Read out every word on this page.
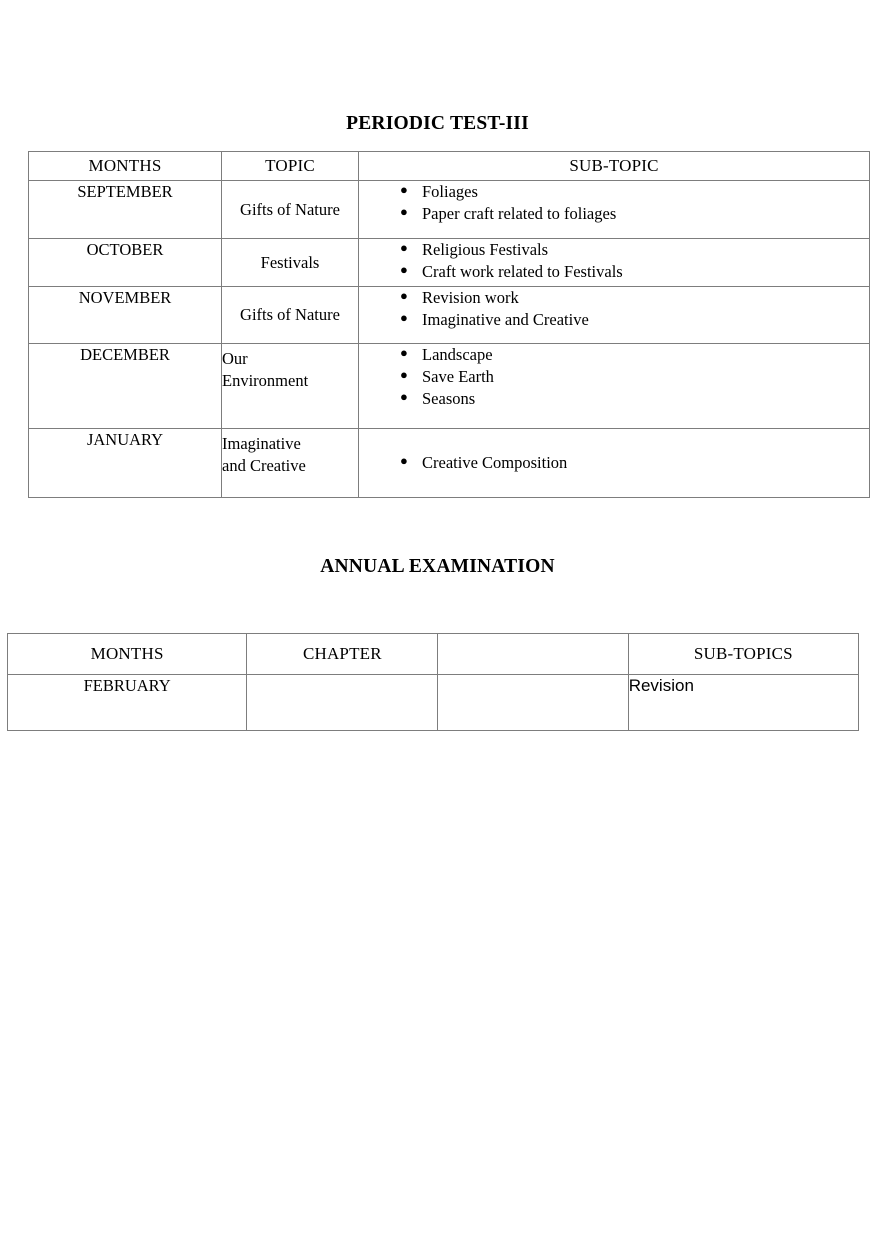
PERIODIC TEST-III
MONTHS	TOPIC	SUB-TOPIC
SEPTEMBER	Gifts of Nature	
● Foliages
● Paper craft related to foliages

OCTOBER	Festivals	
● Religious Festivals
● Craft work related to Festivals

NOVEMBER	Gifts of Nature	
● Revision work
● Imaginative and Creative

DECEMBER	Our
Environment

● Landscape
● Save Earth
● Seasons

JANUARY	Imaginative
and Creative	● Creative Composition
ANNUAL EXAMINATION
MONTHS	CHAPTER		SUB-TOPICS
FEBRUARY			Revision
